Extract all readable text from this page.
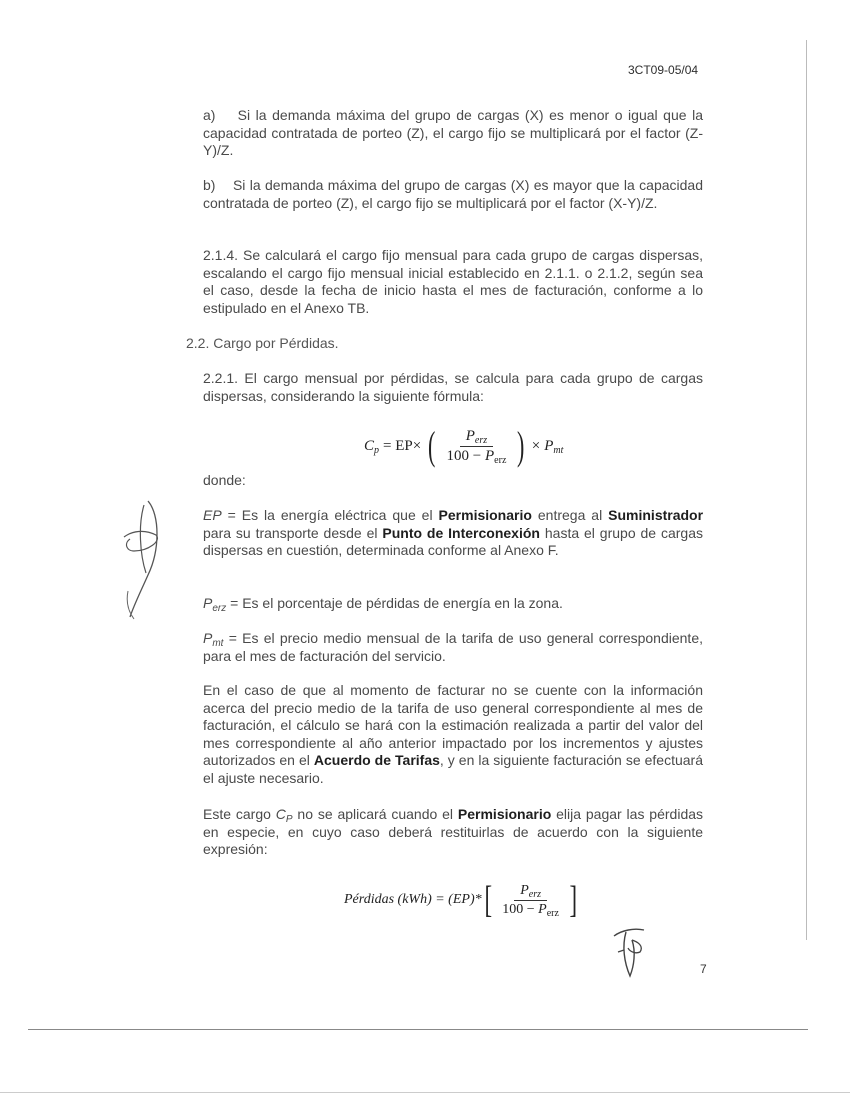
3CT09-05/04
a) Si la demanda máxima del grupo de cargas (X) es menor o igual que la capacidad contratada de porteo (Z), el cargo fijo se multiplicará por el factor (Z-Y)/Z.
b) Si la demanda máxima del grupo de cargas (X) es mayor que la capacidad contratada de porteo (Z), el cargo fijo se multiplicará por el factor (X-Y)/Z.
2.1.4. Se calculará el cargo fijo mensual para cada grupo de cargas dispersas, escalando el cargo fijo mensual inicial establecido en 2.1.1. o 2.1.2, según sea el caso, desde la fecha de inicio hasta el mes de facturación, conforme a lo estipulado en el Anexo TB.
2.2. Cargo por Pérdidas.
2.2.1. El cargo mensual por pérdidas, se calcula para cada grupo de cargas dispersas, considerando la siguiente fórmula:
$C_p = EP\times$ ( $\frac{P_{erz}}{100 - P_{erz}}$ ) × $P_{mt}$
donde:
EP = Es la energía eléctrica que el Permisionario entrega al Suministrador para su transporte desde el Punto de Interconexión hasta el grupo de cargas dispersas en cuestión, determinada conforme al Anexo F.
$P_{erz} = Es$ el porcentaje de pérdidas de energía en la zona.
$P_{mt} = Es$ el precio medio mensual de la tarifa de uso general correspondiente, para el mes de facturación del servicio.
En el caso de que al momento de facturar no se cuente con la información acerca del precio medio de la tarifa de uso general correspondiente al mes de facturación, el cálculo se hará con la estimación realizada a partir del valor del mes correspondiente al año anterior impactado por los incrementos y ajustes autorizados en el Acuerdo de Tarifas, y en la siguiente facturación se efectuará el ajuste necesario.
Este cargo $C_P$ no se aplicará cuando el Permisionario elija pagar las pérdidas en especie, en cuyo caso deberá restituirlas de acuerdo con la siguiente expresión:
Pérdidas (kWh) = (EP)* [ $\frac{P_{erz}}{100 - P_{erz}}$ ]
7
